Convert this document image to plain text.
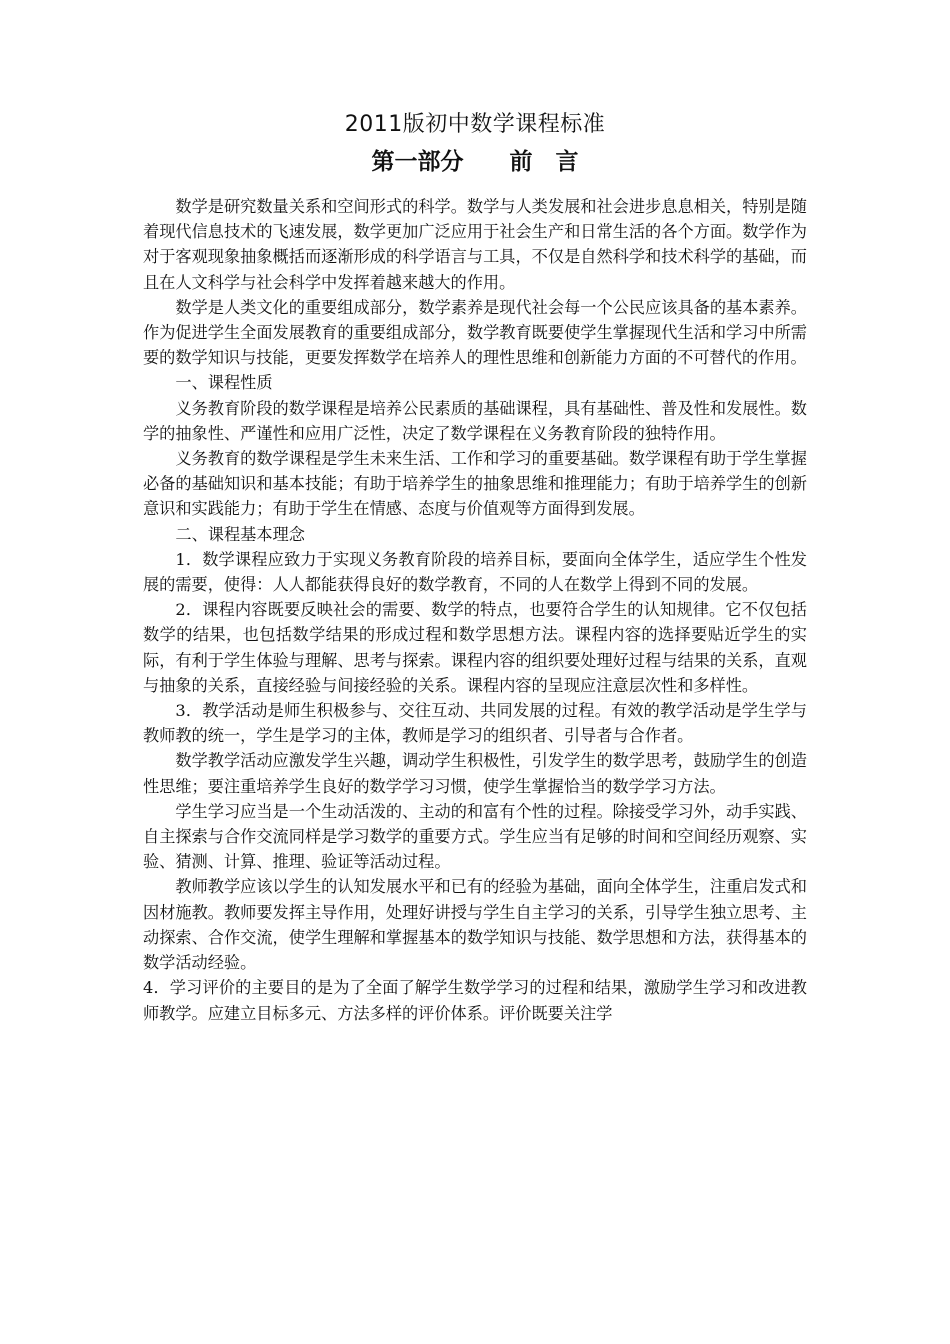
2011版初中数学课程标准
第一部分　　前　言

数学是研究数量关系和空间形式的科学。数学与人类发展和社会进步息息相关，特别是随着现代信息技术的飞速发展，数学更加广泛应用于社会生产和日常生活的各个方面。数学作为对于客观现象抽象概括而逐渐形成的科学语言与工具，不仅是自然科学和技术科学的基础，而且在人文科学与社会科学中发挥着越来越大的作用。

数学是人类文化的重要组成部分，数学素养是现代社会每一个公民应该具备的基本素养。作为促进学生全面发展教育的重要组成部分，数学教育既要使学生掌握现代生活和学习中所需要的数学知识与技能，更要发挥数学在培养人的理性思维和创新能力方面的不可替代的作用。

一、课程性质

义务教育阶段的数学课程是培养公民素质的基础课程，具有基础性、普及性和发展性。数学的抽象性、严谨性和应用广泛性，决定了数学课程在义务教育阶段的独特作用。

义务教育的数学课程是学生未来生活、工作和学习的重要基础。数学课程有助于学生掌握必备的基础知识和基本技能；有助于培养学生的抽象思维和推理能力；有助于培养学生的创新意识和实践能力；有助于学生在情感、态度与价值观等方面得到发展。

二、课程基本理念

1．数学课程应致力于实现义务教育阶段的培养目标，要面向全体学生，适应学生个性发展的需要，使得：人人都能获得良好的数学教育，不同的人在数学上得到不同的发展。

2．课程内容既要反映社会的需要、数学的特点，也要符合学生的认知规律。它不仅包括数学的结果，也包括数学结果的形成过程和数学思想方法。课程内容的选择要贴近学生的实际，有利于学生体验与理解、思考与探索。课程内容的组织要处理好过程与结果的关系，直观与抽象的关系，直接经验与间接经验的关系。课程内容的呈现应注意层次性和多样性。

3．教学活动是师生积极参与、交往互动、共同发展的过程。有效的教学活动是学生学与教师教的统一，学生是学习的主体，教师是学习的组织者、引导者与合作者。

数学教学活动应激发学生兴趣，调动学生积极性，引发学生的数学思考，鼓励学生的创造性思维；要注重培养学生良好的数学学习习惯，使学生掌握恰当的数学学习方法。

学生学习应当是一个生动活泼的、主动的和富有个性的过程。除接受学习外，动手实践、自主探索与合作交流同样是学习数学的重要方式。学生应当有足够的时间和空间经历观察、实验、猜测、计算、推理、验证等活动过程。

教师教学应该以学生的认知发展水平和已有的经验为基础，面向全体学生，注重启发式和因材施教。教师要发挥主导作用，处理好讲授与学生自主学习的关系，引导学生独立思考、主动探索、合作交流，使学生理解和掌握基本的数学知识与技能、数学思想和方法，获得基本的数学活动经验。

4．学习评价的主要目的是为了全面了解学生数学学习的过程和结果，激励学生学习和改进教师教学。应建立目标多元、方法多样的评价体系。评价既要关注学
